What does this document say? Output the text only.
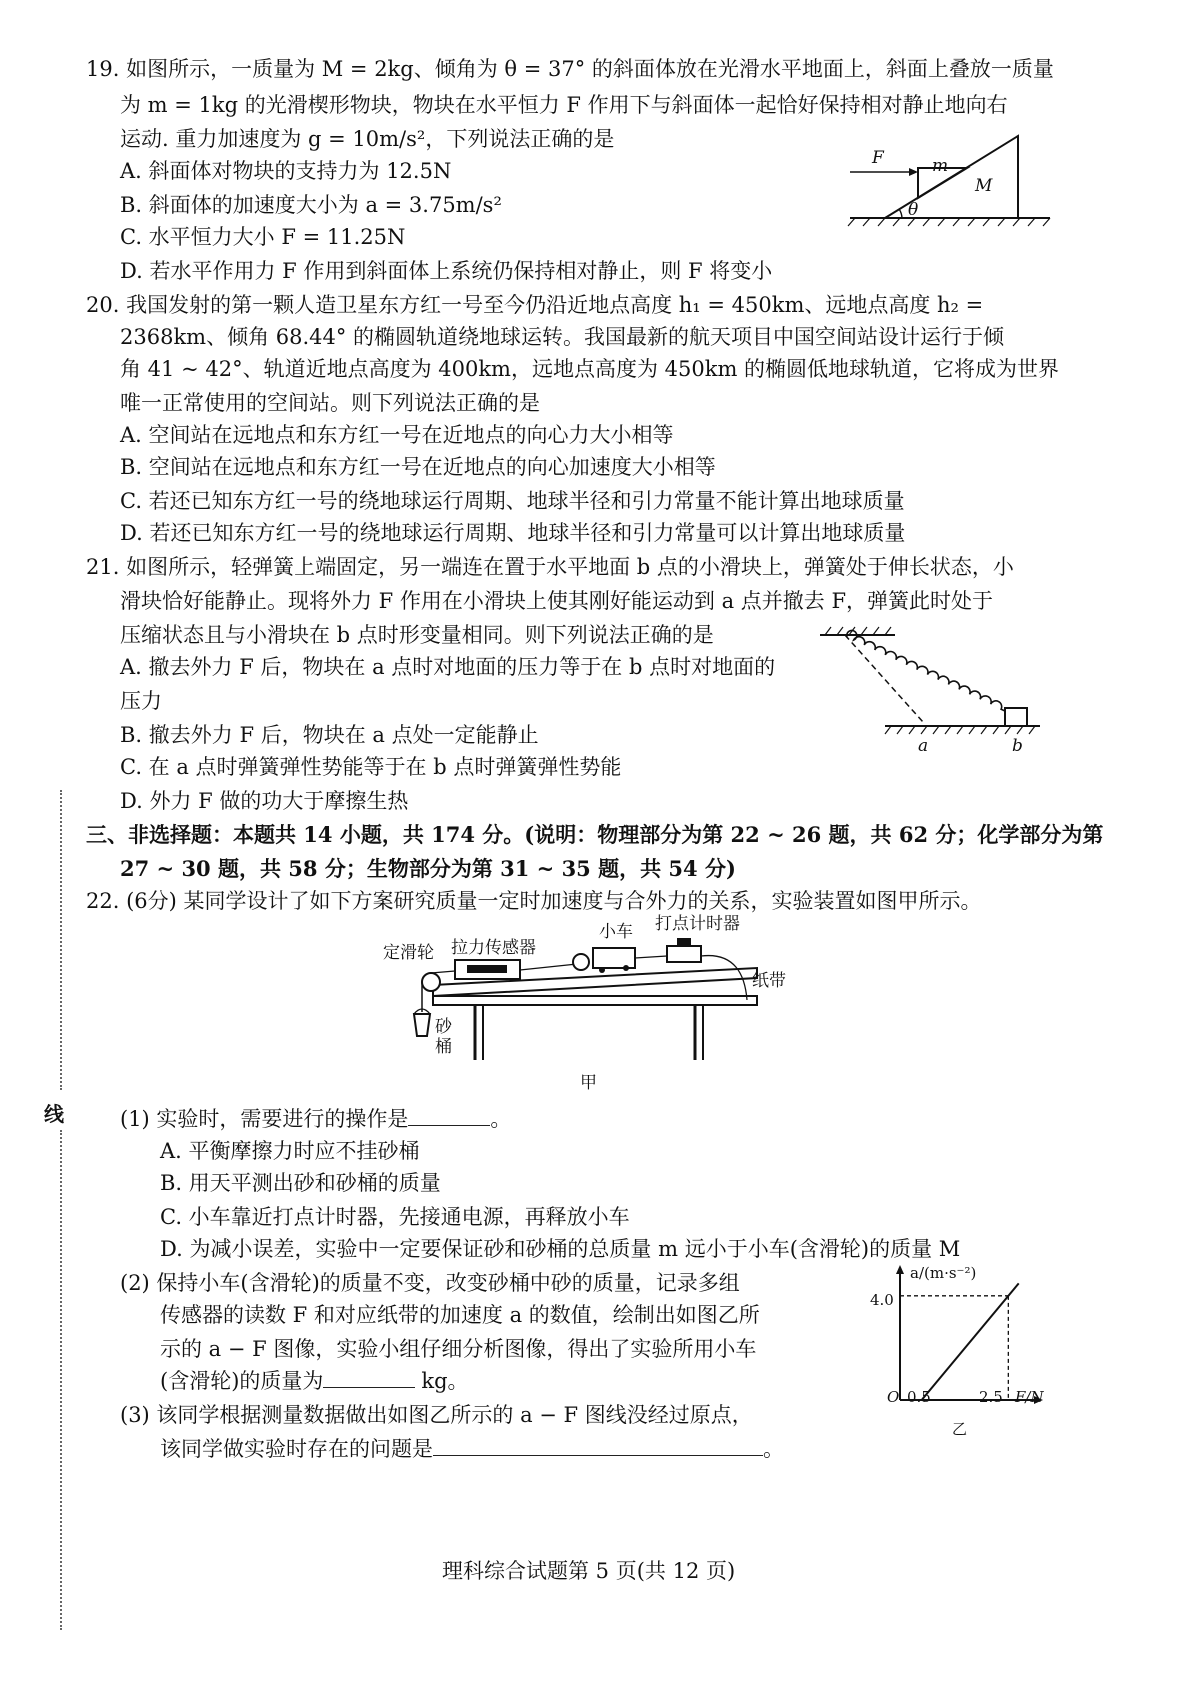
线
19. 如图所示，一质量为 M = 2kg、倾角为 θ = 37° 的斜面体放在光滑水平地面上，斜面上叠放一质量
为 m = 1kg 的光滑楔形物块，物块在水平恒力 F 作用下与斜面体一起恰好保持相对静止地向右
运动. 重力加速度为 g = 10m/s²，下列说法正确的是
A. 斜面体对物块的支持力为 12.5N
B. 斜面体的加速度大小为 a = 3.75m/s²
C. 水平恒力大小 F = 11.25N
D. 若水平作用力 F 作用到斜面体上系统仍保持相对静止，则 F 将变小
F	m
M
θ
20. 我国发射的第一颗人造卫星东方红一号至今仍沿近地点高度 h₁ = 450km、远地点高度 h₂ =
2368km、倾角 68.44° 的椭圆轨道绕地球运转。我国最新的航天项目中国空间站设计运行于倾
角 41 ~ 42°、轨道近地点高度为 400km，远地点高度为 450km 的椭圆低地球轨道，它将成为世界
唯一正常使用的空间站。则下列说法正确的是
A. 空间站在远地点和东方红一号在近地点的向心力大小相等
B. 空间站在远地点和东方红一号在近地点的向心加速度大小相等
C. 若还已知东方红一号的绕地球运行周期、地球半径和引力常量不能计算出地球质量
D. 若还已知东方红一号的绕地球运行周期、地球半径和引力常量可以计算出地球质量
21. 如图所示，轻弹簧上端固定，另一端连在置于水平地面 b 点的小滑块上，弹簧处于伸长状态，小
滑块恰好能静止。现将外力 F 作用在小滑块上使其刚好能运动到 a 点并撤去 F，弹簧此时处于
压缩状态且与小滑块在 b 点时形变量相同。则下列说法正确的是
A. 撤去外力 F 后，物块在 a 点时对地面的压力等于在 b 点时对地面的
压力
B. 撤去外力 F 后，物块在 a 点处一定能静止
C. 在 a 点时弹簧弹性势能等于在 b 点时弹簧弹性势能
D. 外力 F 做的功大于摩擦生热
a	b
三、非选择题：本题共 14 小题，共 174 分。(说明：物理部分为第 22 ~ 26 题，共 62 分；化学部分为第
27 ~ 30 题，共 58 分；生物部分为第 31 ~ 35 题，共 54 分)
22. (6分) 某同学设计了如下方案研究质量一定时加速度与合外力的关系，实验装置如图甲所示。
定滑轮 拉力传感器
小车 打点计时器
纸带
砂
桶
甲
(1) 实验时，需要进行的操作是	。
A. 平衡摩擦力时应不挂砂桶
B. 用天平测出砂和砂桶的质量
C. 小车靠近打点计时器，先接通电源，再释放小车
D. 为减小误差，实验中一定要保证砂和砂桶的总质量 m 远小于小车(含滑轮)的质量 M
(2) 保持小车(含滑轮)的质量不变，改变砂桶中砂的质量，记录多组
传感器的读数 F 和对应纸带的加速度 a 的数值，绘制出如图乙所
示的 a − F 图像，实验小组仔细分析图像，得出了实验所用小车
(含滑轮)的质量为	kg。
(3) 该同学根据测量数据做出如图乙所示的 a − F 图线没经过原点，
该同学做实验时存在的问题是	。
a/(m·s⁻²)
O 0.5	2.5 F/N
4.0
乙
理科综合试题第 5 页(共 12 页)
